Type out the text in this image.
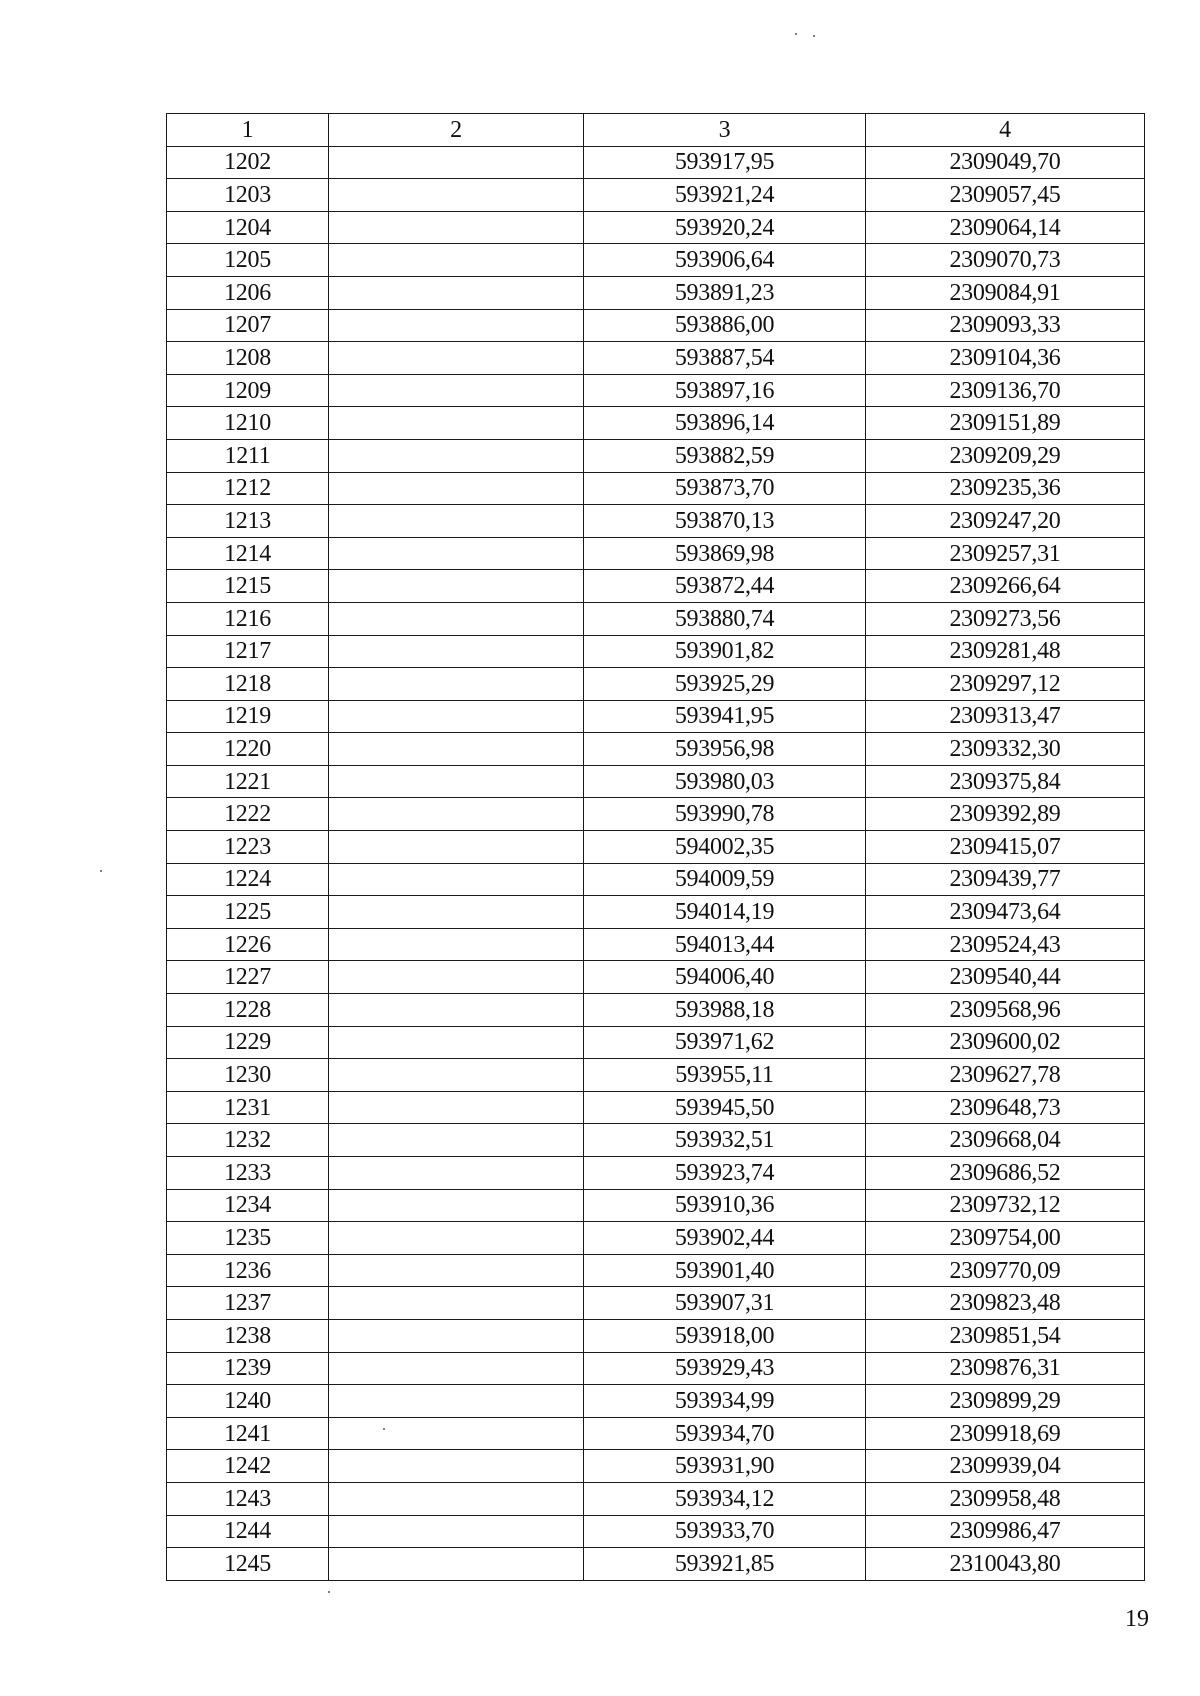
1	2	3	4
1202		593917,95	2309049,70
1203		593921,24	2309057,45
1204		593920,24	2309064,14
1205		593906,64	2309070,73
1206		593891,23	2309084,91
1207		593886,00	2309093,33
1208		593887,54	2309104,36
1209		593897,16	2309136,70
1210		593896,14	2309151,89
1211		593882,59	2309209,29
1212		593873,70	2309235,36
1213		593870,13	2309247,20
1214		593869,98	2309257,31
1215		593872,44	2309266,64
1216		593880,74	2309273,56
1217		593901,82	2309281,48
1218		593925,29	2309297,12
1219		593941,95	2309313,47
1220		593956,98	2309332,30
1221		593980,03	2309375,84
1222		593990,78	2309392,89
1223		594002,35	2309415,07
1224		594009,59	2309439,77
1225		594014,19	2309473,64
1226		594013,44	2309524,43
1227		594006,40	2309540,44
1228		593988,18	2309568,96
1229		593971,62	2309600,02
1230		593955,11	2309627,78
1231		593945,50	2309648,73
1232		593932,51	2309668,04
1233		593923,74	2309686,52
1234		593910,36	2309732,12
1235		593902,44	2309754,00
1236		593901,40	2309770,09
1237		593907,31	2309823,48
1238		593918,00	2309851,54
1239		593929,43	2309876,31
1240		593934,99	2309899,29
1241		593934,70	2309918,69
1242		593931,90	2309939,04
1243		593934,12	2309958,48
1244		593933,70	2309986,47
1245		593921,85	2310043,80
19
